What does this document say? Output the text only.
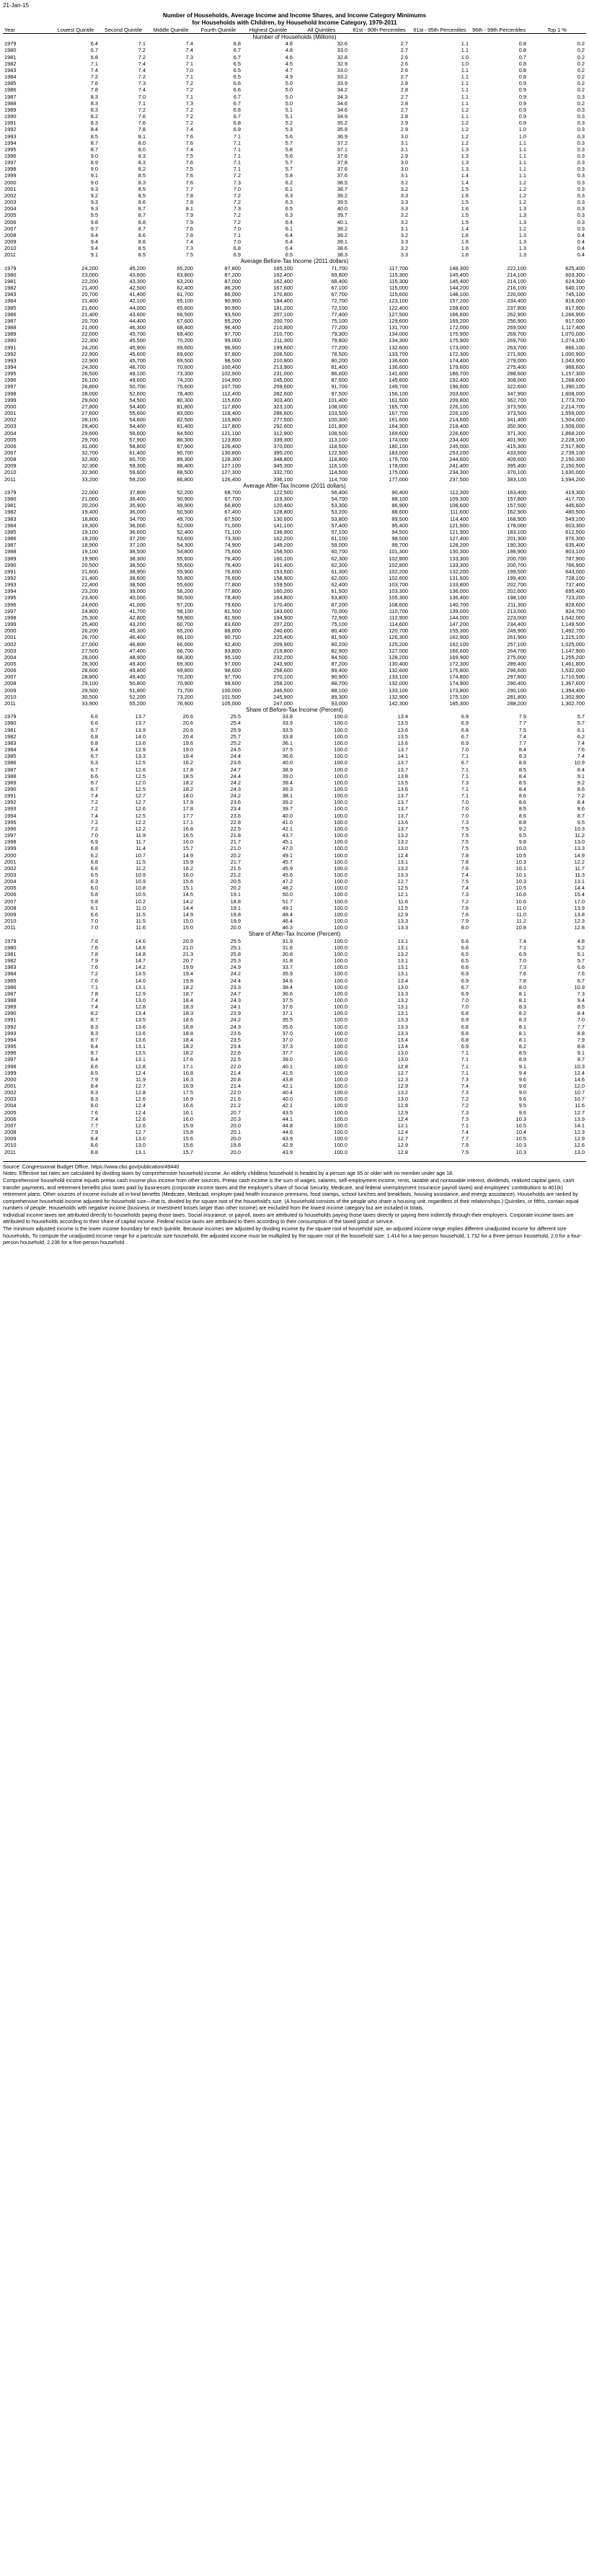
21-Jan-15
Number of Households, Average Income and Income Shares, and Income Category Minimums
for Households with Children, by Household Income Category, 1979-2011
Year	Lowest Quintile	Second Quintile	Middle Quintile	Fourth Quintile	Highest Quintile	All Quintiles	81st - 90th Percentiles	91st - 95th Percentiles	96th - 99th Percentiles	Top 1 %
Number of Households (Millions)										
1979	6.4	7.1	7.4	6.8	4.8	32.6	2.7	1.1	0.8	0.2
1980	6.7	7.2	7.4	6.7	4.8	33.0	2.7	1.1	0.8	0.2
1981	6.8	7.2	7.3	6.7	4.6	32.8	2.6	1.0	0.7	0.2
1982	7.1	7.4	7.1	6.5	4.5	32.9	2.6	1.0	0.8	0.2
1983	7.4	7.4	7.0	6.5	4.7	33.0	2.6	1.1	0.8	0.2
1984	7.2	7.2	7.1	6.5	4.9	33.2	2.7	1.1	0.8	0.2
1985	7.6	7.3	7.2	6.6	5.0	33.9	2.8	1.1	0.9	0.2
1986	7.8	7.4	7.2	6.6	5.0	34.2	2.8	1.1	0.9	0.2
1987	8.3	7.0	7.1	6.7	5.0	34.3	2.7	1.1	0.9	0.3
1988	8.3	7.1	7.3	6.7	5.0	34.6	2.8	1.1	0.9	0.2
1989	8.3	7.2	7.2	6.8	5.1	34.6	2.7	1.2	0.9	0.3
1990	8.2	7.6	7.2	6.7	5.1	34.9	2.8	1.1	0.9	0.3
1991	8.3	7.6	7.2	6.8	5.2	35.2	2.9	1.2	0.9	0.3
1992	8.4	7.8	7.4	6.9	5.3	35.9	2.9	1.2	1.0	0.3
1993	8.5	8.1	7.6	7.1	5.6	36.9	3.0	1.2	1.0	0.3
1994	8.7	8.0	7.6	7.1	5.7	37.2	3.1	1.2	1.1	0.3
1995	8.7	8.0	7.4	7.1	5.8	37.1	3.1	1.3	1.1	0.3
1996	9.0	8.3	7.5	7.1	5.6	37.6	2.9	1.3	1.1	0.3
1997	8.9	8.3	7.6	7.1	5.7	37.8	3.0	1.3	1.1	0.3
1998	9.0	8.2	7.5	7.1	5.7	37.6	3.0	1.3	1.1	0.3
1999	9.1	8.5	7.6	7.2	5.8	37.6	3.1	1.4	1.1	0.3
2000	9.0	8.3	7.6	7.3	6.2	38.5	3.2	1.4	1.2	0.3
2001	9.3	8.5	7.7	7.0	6.1	38.7	3.2	1.5	1.2	0.3
2002	9.2	8.5	7.8	7.2	6.3	39.2	3.3	1.6	1.2	0.3
2003	9.3	8.6	7.8	7.2	6.3	39.5	3.3	1.5	1.2	0.3
2004	9.3	8.7	8.1	7.3	6.5	40.0	3.3	1.6	1.3	0.3
2005	9.5	8.7	7.9	7.2	6.3	39.7	3.2	1.5	1.3	0.3
2006	9.8	8.8	7.9	7.2	6.4	40.1	3.2	1.5	1.3	0.3
2007	9.7	8.7	7.6	7.0	6.1	39.2	3.1	1.4	1.2	0.3
2008	9.4	8.6	7.6	7.1	6.4	39.2	3.2	1.6	1.3	0.4
2009	9.4	8.6	7.4	7.0	6.4	39.1	3.3	1.6	1.3	0.4
2010	9.4	8.5	7.3	6.8	6.4	38.6	3.2	1.6	1.3	0.4
2011	9.1	8.5	7.5	6.9	6.5	38.3	3.3	1.6	1.3	0.4
Average Before-Tax Income (2011 dollars)										
1979	24,200	45,200	65,200	87,800	165,100	71,700	117,700	148,300	222,100	625,400
1980	23,000	43,600	63,800	87,200	162,400	69,800	115,300	145,400	214,100	603,300
1981	22,200	43,300	63,200	87,000	162,400	68,400	115,300	145,400	214,100	624,300
1982	21,400	42,500	62,400	86,200	167,600	67,100	115,000	144,200	216,100	640,100
1983	20,700	41,400	61,700	86,000	170,800	67,700	115,600	148,100	220,000	745,100
1984	21,400	42,100	65,100	90,900	184,400	72,700	123,100	157,200	234,400	816,000
1985	21,600	44,000	65,600	90,900	181,200	72,100	122,400	158,600	237,800	817,900
1986	21,400	43,600	66,500	93,500	207,100	77,400	127,500	166,600	262,900	1,266,900
1987	20,700	44,400	67,600	95,200	200,700	75,100	129,600	169,200	256,900	917,000
1988	21,000	46,300	68,400	96,400	210,800	77,200	131,700	172,000	269,000	1,117,400
1989	22,000	45,700	69,400	97,700	210,700	79,300	134,000	175,900	269,700	1,070,000
1990	22,300	45,500	70,200	99,000	211,300	79,800	134,300	175,900	269,700	1,074,100
1991	24,200	45,900	69,600	96,900	199,600	77,200	132,600	173,000	263,700	866,100
1992	22,900	45,600	69,600	97,800	208,500	78,500	133,700	172,300	271,600	1,000,900
1993	22,900	45,700	69,500	98,500	210,800	80,200	136,600	174,400	279,000	1,043,900
1994	24,300	46,700	70,600	100,400	213,900	81,400	136,600	179,600	275,400	968,600
1995	26,500	49,100	73,300	102,900	231,000	86,600	141,600	186,700	288,600	1,157,300
1996	26,100	49,600	74,200	104,900	245,000	87,600	145,600	192,400	308,000	1,268,600
1997	26,800	50,700	75,600	107,700	259,600	91,700	149,700	196,600	322,600	1,390,100
1998	28,000	52,600	78,400	112,400	282,600	97,500	156,100	203,600	347,900	1,608,000
1999	29,600	54,500	80,300	115,600	303,400	101,400	161,500	209,800	362,700	1,773,700
2000	27,800	54,400	81,800	117,800	323,100	108,000	165,700	226,100	373,500	2,214,700
2001	27,600	55,600	83,000	118,400	286,600	103,500	167,700	226,100	373,500	1,559,000
2002	28,100	54,600	82,500	115,800	277,500	100,300	161,600	214,600	341,400	1,504,000
2003	28,400	54,400	81,400	117,800	292,600	101,800	164,300	218,400	350,900	1,509,000
2004	29,600	56,600	84,500	121,100	312,900	108,500	169,600	226,600	371,300	1,868,200
2005	29,700	57,900	86,300	123,800	339,300	113,100	174,000	234,400	401,900	2,228,100
2006	31,000	58,800	87,900	126,400	370,000	118,500	180,100	245,000	415,300	2,517,900
2007	32,700	61,400	90,700	130,800	395,200	122,500	183,000	253,200	433,600	2,739,100
2008	32,300	60,700	89,300	128,300	348,800	118,800	179,700	244,600	409,600	2,150,300
2009	32,300	59,300	88,400	127,100	345,300	116,100	178,000	241,400	395,400	2,150,500
2010	32,900	59,600	88,500	127,300	332,700	114,500	175,000	234,300	370,100	1,630,000
2011	33,200	59,200	86,800	126,400	336,100	114,700	177,000	237,500	383,100	1,594,200
Average After-Tax Income (2011 dollars)										
1979	22,000	37,800	52,200	68,700	122,500	56,400	90,400	112,300	163,400	419,300
1980	21,000	36,400	50,900	67,700	119,300	54,700	88,100	109,300	157,800	417,700
1981	20,200	35,900	49,900	66,800	120,400	53,300	86,900	108,600	157,500	445,600
1982	19,400	36,000	50,500	67,400	128,800	53,200	88,600	111,600	162,900	480,500
1983	18,800	34,700	49,700	67,500	130,600	53,800	89,500	114,400	168,900	549,100
1984	19,300	36,000	52,000	71,000	141,100	57,400	95,400	121,900	178,000	603,300
1985	19,100	36,600	52,400	71,100	138,900	57,100	94,500	121,900	183,100	612,500
1986	19,200	37,200	53,600	73,300	162,200	61,100	98,500	127,400	201,300	976,300
1987	18,900	37,100	54,300	74,900	149,200	59,000	99,700	128,200	190,300	635,400
1988	19,100	38,500	54,800	75,600	158,500	60,700	101,300	130,300	198,900	803,100
1989	19,900	38,300	55,600	76,400	160,100	62,300	102,800	133,300	200,700	787,900
1990	20,500	38,500	55,600	76,400	161,400	62,300	102,800	133,300	200,700	766,900
1991	21,600	38,900	55,900	76,600	153,500	61,300	102,200	132,200	199,500	643,000
1992	21,400	38,600	55,800	76,600	158,900	62,000	102,600	131,600	199,400	728,100
1993	22,400	38,500	55,600	77,800	159,500	62,400	103,700	133,800	202,700	737,400
1994	23,200	39,000	56,200	77,800	160,200	61,500	103,300	136,000	202,600	695,400
1995	23,400	40,000	56,500	78,400	164,800	63,800	105,300	136,400	198,100	723,200
1996	24,600	41,000	57,200	79,600	170,400	67,200	108,600	140,700	211,300	828,600
1997	24,800	41,700	58,100	81,500	183,000	70,000	110,700	139,000	213,000	924,700
1998	25,300	42,800	59,900	81,900	194,900	72,900	112,900	144,000	223,000	1,042,000
1999	25,400	43,200	60,700	83,600	207,200	75,100	114,600	147,200	234,400	1,149,500
2000	26,200	45,300	65,200	88,800	240,600	80,400	120,700	155,300	249,900	1,492,700
2001	26,700	46,400	66,100	90,700	225,400	81,500	126,300	162,900	261,900	1,215,100
2002	27,000	46,800	66,000	92,400	209,900	80,200	125,200	162,100	257,100	1,025,000
2003	27,500	47,400	66,700	93,800	219,800	82,900	127,000	166,600	264,700	1,147,900
2004	28,000	48,900	68,300	95,100	232,200	84,500	128,200	169,900	275,000	1,255,200
2005	28,300	49,400	69,300	97,000	243,900	87,200	130,400	172,300	289,400	1,461,800
2006	28,600	49,800	69,800	98,600	258,600	89,400	132,600	175,800	296,600	1,532,000
2007	28,800	49,400	70,200	97,700	270,100	90,900	133,100	174,800	297,800	1,710,500
2008	29,100	50,800	70,900	98,600	258,200	88,700	132,000	174,900	290,400	1,367,600
2009	29,500	51,800	71,700	100,000	246,500	88,100	133,100	173,800	290,100	1,354,400
2010	30,500	52,200	73,200	101,500	245,900	89,300	132,900	175,100	281,800	1,302,900
2011	33,900	55,200	76,900	105,000	247,000	93,000	142,300	185,300	288,200	1,302,700
Share of Before-Tax Income (Percent)										
1979	6.6	13.7	20.6	25.5	33.8	100.0	13.4	6.9	7.9	5.7
1980	6.6	13.7	20.6	25.4	33.9	100.0	13.5	6.9	7.7	5.7
1981	6.7	13.9	20.6	25.9	33.5	100.0	13.6	6.8	7.5	6.1
1982	6.8	14.0	20.4	25.7	33.8	100.0	13.5	6.7	7.4	6.2
1983	6.8	13.6	19.6	25.2	36.1	100.0	13.6	6.9	7.7	7.4
1984	6.4	12.9	19.0	24.5	37.5	100.0	13.7	7.0	8.4	7.6
1985	6.7	13.3	19.4	24.4	36.6	100.0	14.1	7.1	8.3	7.4
1986	6.3	12.5	16.2	23.6	40.0	100.0	13.7	6.7	8.6	10.9
1987	6.7	12.6	17.8	24.7	38.9	100.0	13.7	7.1	8.5	8.4
1988	6.6	12.5	18.5	24.4	39.0	100.0	13.8	7.1	8.4	9.1
1989	6.7	12.0	18.2	24.2	39.4	100.0	13.5	7.3	8.5	9.2
1990	6.7	12.5	18.2	24.3	39.3	100.0	13.6	7.1	8.4	8.6
1991	7.4	12.7	18.0	24.2	38.1	100.0	13.7	7.1	8.6	7.2
1992	7.2	12.7	17.9	23.6	39.2	100.0	13.7	7.0	8.6	8.4
1993	7.2	12.6	17.8	23.4	39.7	100.0	13.7	7.0	8.5	8.6
1994	7.4	12.5	17.7	23.6	40.0	100.0	13.7	7.0	8.6	8.7
1995	7.2	12.2	17.1	22.8	41.0	100.0	13.6	7.3	8.8	9.5
1996	7.2	12.2	16.8	22.5	42.1	100.0	13.7	7.5	9.2	10.3
1997	7.0	11.9	16.5	21.8	43.7	100.0	13.2	7.5	9.5	11.2
1998	6.9	11.7	16.0	21.7	45.1	100.0	13.2	7.5	9.8	13.0
1999	6.8	11.4	15.7	21.0	47.0	100.0	13.0	7.5	10.0	13.3
2000	6.2	10.7	14.9	20.2	49.1	100.0	12.4	7.8	10.5	14.9
2001	6.8	11.5	15.9	21.7	45.7	100.0	13.1	7.8	10.3	12.2
2002	6.6	11.2	16.2	21.5	45.9	100.0	13.2	7.6	10.1	11.7
2003	6.5	10.9	16.0	21.2	45.6	100.0	13.3	7.4	10.1	11.3
2004	6.3	10.9	15.6	20.5	47.2	100.0	12.7	7.5	10.3	13.1
2005	6.0	10.8	15.1	20.2	48.2	100.0	12.5	7.4	10.5	14.4
2006	5.8	10.5	14.5	19.1	50.0	100.0	12.1	7.3	10.6	15.4
2007	5.8	10.2	14.2	18.8	51.7	100.0	11.6	7.2	10.6	17.0
2008	6.1	11.0	14.4	19.1	49.1	100.0	12.5	7.6	11.0	13.9
2009	6.6	11.5	14.9	19.8	48.4	100.0	12.9	7.6	11.0	13.8
2010	7.0	11.5	15.0	19.9	46.4	100.0	13.3	7.9	11.2	12.3
2011	7.0	11.6	15.0	20.0	46.3	100.0	13.3	8.0	10.8	12.8
Share of After-Tax Income (Percent)										
1979	7.6	14.6	20.9	25.5	31.9	100.0	13.1	6.6	7.4	4.8
1980	7.6	14.6	21.0	25.1	31.8	100.0	13.1	6.6	7.1	5.2
1981	7.8	14.8	21.3	25.8	30.8	100.0	13.2	6.5	6.9	5.1
1982	7.9	14.7	20.7	25.3	31.8	100.0	13.1	6.5	7.0	5.7
1983	7.6	14.2	19.9	24.9	33.7	100.0	13.1	6.6	7.3	6.6
1984	7.2	13.5	19.4	24.2	35.9	100.0	13.1	6.9	7.6	7.6
1985	7.6	14.0	19.8	24.4	34.6	100.0	13.4	6.9	7.8	6.7
1986	7.1	13.1	18.2	23.3	38.4	100.0	13.0	6.7	8.0	10.9
1987	7.8	12.9	18.7	24.7	36.6	100.0	13.3	6.9	8.1	7.3
1988	7.4	13.0	18.4	24.3	37.5	100.0	13.2	7.0	8.1	9.4
1989	7.4	12.8	18.3	24.1	37.6	100.0	13.1	7.0	8.3	8.5
1990	8.2	13.4	18.3	23.9	37.1	100.0	13.1	6.8	8.2	8.4
1991	8.7	13.5	18.6	24.2	35.5	100.0	13.3	6.9	8.3	7.0
1992	8.3	13.6	18.8	24.3	35.6	100.0	13.3	6.8	8.1	7.7
1993	8.3	13.6	18.8	23.6	37.0	100.0	13.3	6.8	8.1	8.8
1994	8.7	13.6	18.4	23.5	37.0	100.0	13.4	6.8	8.1	7.9
1995	8.4	13.1	18.2	23.4	37.3	100.0	13.4	6.9	8.2	8.8
1996	8.7	13.5	18.2	22.6	37.7	100.0	13.0	7.1	8.5	9.1
1997	8.4	13.1	17.6	22.5	39.0	100.0	13.0	7.1	8.9	9.7
1998	8.6	12.8	17.1	22.0	40.1	100.0	12.8	7.1	9.1	10.3
1999	8.5	12.4	16.8	21.4	41.5	100.0	12.7	7.1	9.4	12.4
2000	7.9	11.9	16.3	20.8	43.8	100.0	12.3	7.3	9.6	14.6
2001	8.4	12.7	16.9	21.4	42.1	100.0	12.9	7.4	9.6	12.0
2002	8.3	12.8	17.5	22.0	40.4	100.0	13.2	7.3	9.0	10.7
2003	8.3	12.6	16.9	21.6	40.0	100.0	13.0	7.2	9.6	10.7
2004	8.0	12.4	16.6	21.2	42.1	100.0	12.8	7.2	9.5	11.6
2005	7.6	12.4	16.1	20.7	43.5	100.0	12.9	7.3	9.6	12.7
2006	7.4	12.6	16.0	20.3	44.1	100.0	12.4	7.3	10.3	13.9
2007	7.7	12.6	15.9	20.0	44.8	100.0	12.1	7.1	10.5	14.1
2008	7.9	12.7	15.8	20.1	44.6	100.0	12.4	7.4	10.4	12.3
2009	8.4	13.0	15.6	20.0	43.9	100.0	12.7	7.7	10.5	12.9
2010	8.6	13.0	15.6	19.8	42.9	100.0	12.9	7.9	10.3	12.6
2011	8.8	13.1	15.7	20.0	43.9	100.0	12.8	7.9	10.3	13.0

Source: Congressional Budget Office, https://www.cbo.gov/publication/49440

Notes: Effective tax rates are calculated by dividing taxes by comprehensive household income. An elderly childless household is headed by a person age 65 or older with no member under age 18.

Comprehensive household income equals pretax cash income plus income from other sources. Pretax cash income is the sum of wages, salaries, self-employment income, rents, taxable and nontaxable interest, dividends, realized capital gains, cash transfer payments, and retirement benefits plus taxes paid by businesses (corporate income taxes and the employer's share of Social Security, Medicare, and federal unemployment insurance payroll taxes) and employees' contributions to 401(k) retirement plans. Other sources of income include all in-kind benefits (Medicare, Medicaid, employer-paid health insurance premiums, food stamps, school lunches and breakfasts, housing assistance, and energy assistance). Households are ranked by comprehensive household income adjusted for household size—that is, divided by the square root of the household's size. (A household consists of the people who share a housing unit, regardless of their relationships.) Quintiles, or fifths, contain equal numbers of people. Households with negative income (business or investment losses larger than other income) are excluded from the lowest income category but are included in totals.

Individual income taxes are attributed directly to households paying those taxes. Social insurance, or payroll, taxes are attributed to households paying those taxes directly or paying them indirectly through their employers. Corporate income taxes are attributed to households according to their share of capital income. Federal excise taxes are attributed to them according to their consumption of the taxed good or service.

The minimum adjusted income is the lower income boundary for each quintile. Because incomes are adjusted by dividing income by the square root of household size, an adjusted income range implies different unadjusted income for different size households. To compute the unadjusted income range for a particular size household, the adjusted income must be multiplied by the square root of the household size: 1.414 for a two-person household, 1.732 for a three-person household, 2.0 for a four-person household, 2.236 for a five-person household.
